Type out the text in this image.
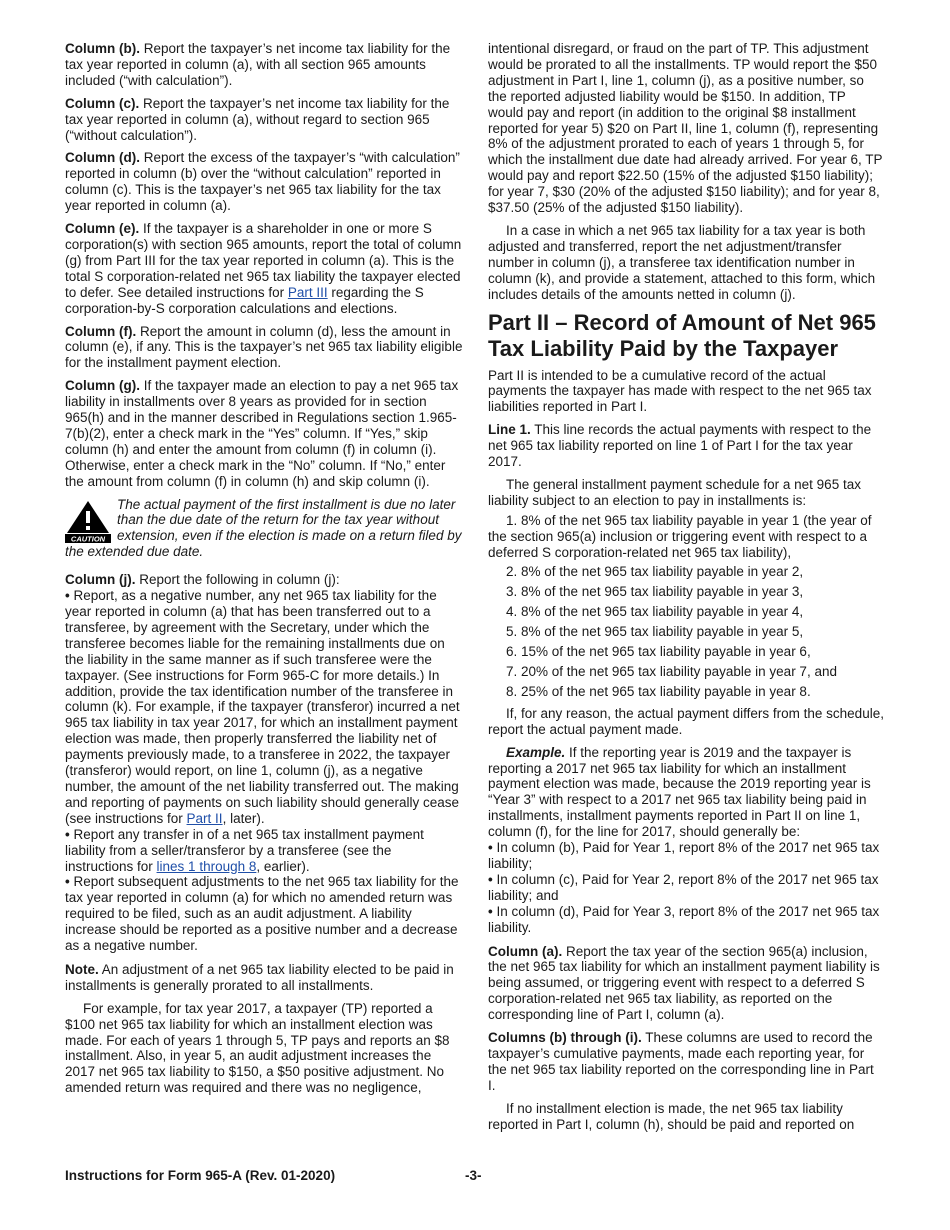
Column (b). Report the taxpayer’s net income tax liability for the tax year reported in column (a), with all section 965 amounts included (“with calculation”).

Column (c). Report the taxpayer’s net income tax liability for the tax year reported in column (a), without regard to section 965 (“without calculation”).

Column (d). Report the excess of the taxpayer’s “with calculation” reported in column (b) over the “without calculation” reported in column (c). This is the taxpayer’s net 965 tax liability for the tax year reported in column (a).

Column (e). If the taxpayer is a shareholder in one or more S corporation(s) with section 965 amounts, report the total of column (g) from Part III for the tax year reported in column (a). This is the total S corporation-related net 965 tax liability the taxpayer elected to defer. See detailed instructions for Part III regarding the S corporation-by-S corporation calculations and elections.

Column (f). Report the amount in column (d), less the amount in column (e), if any. This is the taxpayer’s net 965 tax liability eligible for the installment payment election.

Column (g). If the taxpayer made an election to pay a net 965 tax liability in installments over 8 years as provided for in section 965(h) and in the manner described in Regulations section 1.965-7(b)(2), enter a check mark in the “Yes” column. If “Yes,” skip column (h) and enter the amount from column (f) in column (i). Otherwise, enter a check mark in the “No” column. If “No,” enter the amount from column (f) in column (h) and skip column (i).

CAUTION
The actual payment of the first installment is due no later than the due date of the return for the tax year without extension, even if the election is made on a return filed by the extended due date.

Column (j). Report the following in column (j):

• Report, as a negative number, any net 965 tax liability for the year reported in column (a) that has been transferred out to a transferee, by agreement with the Secretary, under which the transferee becomes liable for the remaining installments due on the liability in the same manner as if such transferee were the taxpayer. (See instructions for Form 965-C for more details.) In addition, provide the tax identification number of the transferee in column (k). For example, if the taxpayer (transferor) incurred a net 965 tax liability in tax year 2017, for which an installment payment election was made, then properly transferred the liability net of payments previously made, to a transferee in 2022, the taxpayer (transferor) would report, on line 1, column (j), as a negative number, the amount of the net liability transferred out. The making and reporting of payments on such liability should generally cease (see instructions for Part II, later).

• Report any transfer in of a net 965 tax installment payment liability from a seller/transferor by a transferee (see the instructions for lines 1 through 8, earlier).

• Report subsequent adjustments to the net 965 tax liability for the tax year reported in column (a) for which no amended return was required to be filed, such as an audit adjustment. A liability increase should be reported as a positive number and a decrease as a negative number.

Note. An adjustment of a net 965 tax liability elected to be paid in installments is generally prorated to all installments.

For example, for tax year 2017, a taxpayer (TP) reported a $100 net 965 tax liability for which an installment election was made. For each of years 1 through 5, TP pays and reports an $8 installment. Also, in year 5, an audit adjustment increases the 2017 net 965 tax liability to $150, a $50 positive adjustment. No amended return was required and there was no negligence,

intentional disregard, or fraud on the part of TP. This adjustment would be prorated to all the installments. TP would report the $50 adjustment in Part I, line 1, column (j), as a positive number, so the reported adjusted liability would be $150. In addition, TP would pay and report (in addition to the original $8 installment reported for year 5) $20 on Part II, line 1, column (f), representing 8% of the adjustment prorated to each of years 1 through 5, for which the installment due date had already arrived. For year 6, TP would pay and report $22.50 (15% of the adjusted $150 liability); for year 7, $30 (20% of the adjusted $150 liability); and for year 8, $37.50 (25% of the adjusted $150 liability).

In a case in which a net 965 tax liability for a tax year is both adjusted and transferred, report the net adjustment/transfer number in column (j), a transferee tax identification number in column (k), and provide a statement, attached to this form, which includes details of the amounts netted in column (j).

Part II – Record of Amount of Net 965 Tax Liability Paid by the Taxpayer

Part II is intended to be a cumulative record of the actual payments the taxpayer has made with respect to the net 965 tax liabilities reported in Part I.

Line 1. This line records the actual payments with respect to the net 965 tax liability reported on line 1 of Part I for the tax year 2017.

The general installment payment schedule for a net 965 tax liability subject to an election to pay in installments is:

1. 8% of the net 965 tax liability payable in year 1 (the year of the section 965(a) inclusion or triggering event with respect to a deferred S corporation-related net 965 tax liability),
2. 8% of the net 965 tax liability payable in year 2,
3. 8% of the net 965 tax liability payable in year 3,
4. 8% of the net 965 tax liability payable in year 4,
5. 8% of the net 965 tax liability payable in year 5,
6. 15% of the net 965 tax liability payable in year 6,
7. 20% of the net 965 tax liability payable in year 7, and
8. 25% of the net 965 tax liability payable in year 8.

If, for any reason, the actual payment differs from the schedule, report the actual payment made.

Example. If the reporting year is 2019 and the taxpayer is reporting a 2017 net 965 tax liability for which an installment payment election was made, because the 2019 reporting year is “Year 3” with respect to a 2017 net 965 tax liability being paid in installments, installment payments reported in Part II on line 1, column (f), for the line for 2017, should generally be:

• In column (b), Paid for Year 1, report 8% of the 2017 net 965 tax liability;

• In column (c), Paid for Year 2, report 8% of the 2017 net 965 tax liability; and

• In column (d), Paid for Year 3, report 8% of the 2017 net 965 tax liability.

Column (a). Report the tax year of the section 965(a) inclusion, the net 965 tax liability for which an installment payment liability is being assumed, or triggering event with respect to a deferred S corporation-related net 965 tax liability, as reported on the corresponding line of Part I, column (a).

Columns (b) through (i). These columns are used to record the taxpayer’s cumulative payments, made each reporting year, for the net 965 tax liability reported on the corresponding line in Part I.

If no installment election is made, the net 965 tax liability reported in Part I, column (h), should be paid and reported on

Instructions for Form 965-A (Rev. 01-2020)	-3-
